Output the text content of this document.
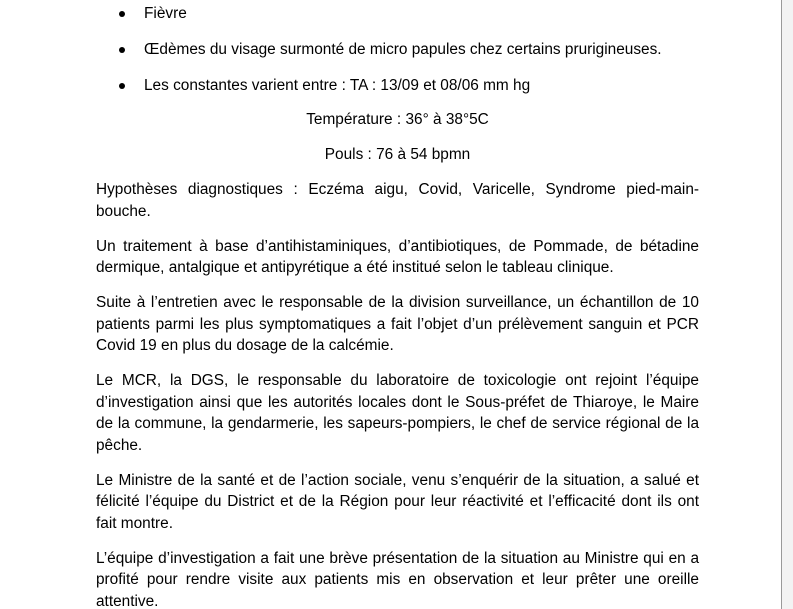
Fièvre
Œdèmes du visage surmonté de micro papules chez certains prurigineuses.
Les constantes varient entre : TA : 13/09 et 08/06 mm hg
Température : 36° à 38°5C
Pouls : 76 à 54 bpmn

Hypothèses diagnostiques : Eczéma aigu, Covid, Varicelle, Syndrome pied-main-bouche.

Un traitement à base d’antihistaminiques, d’antibiotiques, de Pommade, de bétadine dermique, antalgique et antipyrétique a été institué selon le tableau clinique.

Suite à l’entretien avec le responsable de la division surveillance, un échantillon de 10 patients parmi les plus symptomatiques a fait l’objet d’un prélèvement sanguin et PCR Covid 19 en plus du dosage de la calcémie.

Le MCR, la DGS, le responsable du laboratoire de toxicologie ont rejoint l’équipe d’investigation ainsi que les autorités locales dont le Sous-préfet de Thiaroye, le Maire de la commune, la gendarmerie, les sapeurs-pompiers, le chef de service régional de la pêche.

Le Ministre de la santé et de l’action sociale, venu s’enquérir de la situation, a salué et félicité l’équipe du District et de la Région pour leur réactivité et l’efficacité dont ils ont fait montre.

L’équipe d’investigation a fait une brève présentation de la situation au Ministre qui en a profité pour rendre visite aux patients mis en observation et leur prêter une oreille attentive.
